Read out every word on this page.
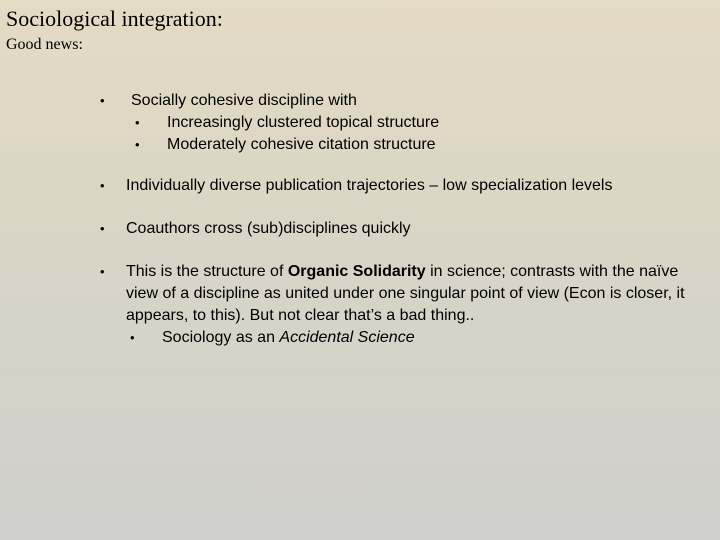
Sociological integration:
Good news:
• Socially cohesive discipline with
• Increasingly clustered topical structure
• Moderately cohesive citation structure
• Individually diverse publication trajectories – low specialization levels
• Coauthors cross (sub)disciplines quickly
• This is the structure of Organic Solidarity in science; contrasts with the naïve view of a discipline as united under one singular point of view (Econ is closer, it appears, to this). But not clear that’s a bad thing..
• Sociology as an Accidental Science
